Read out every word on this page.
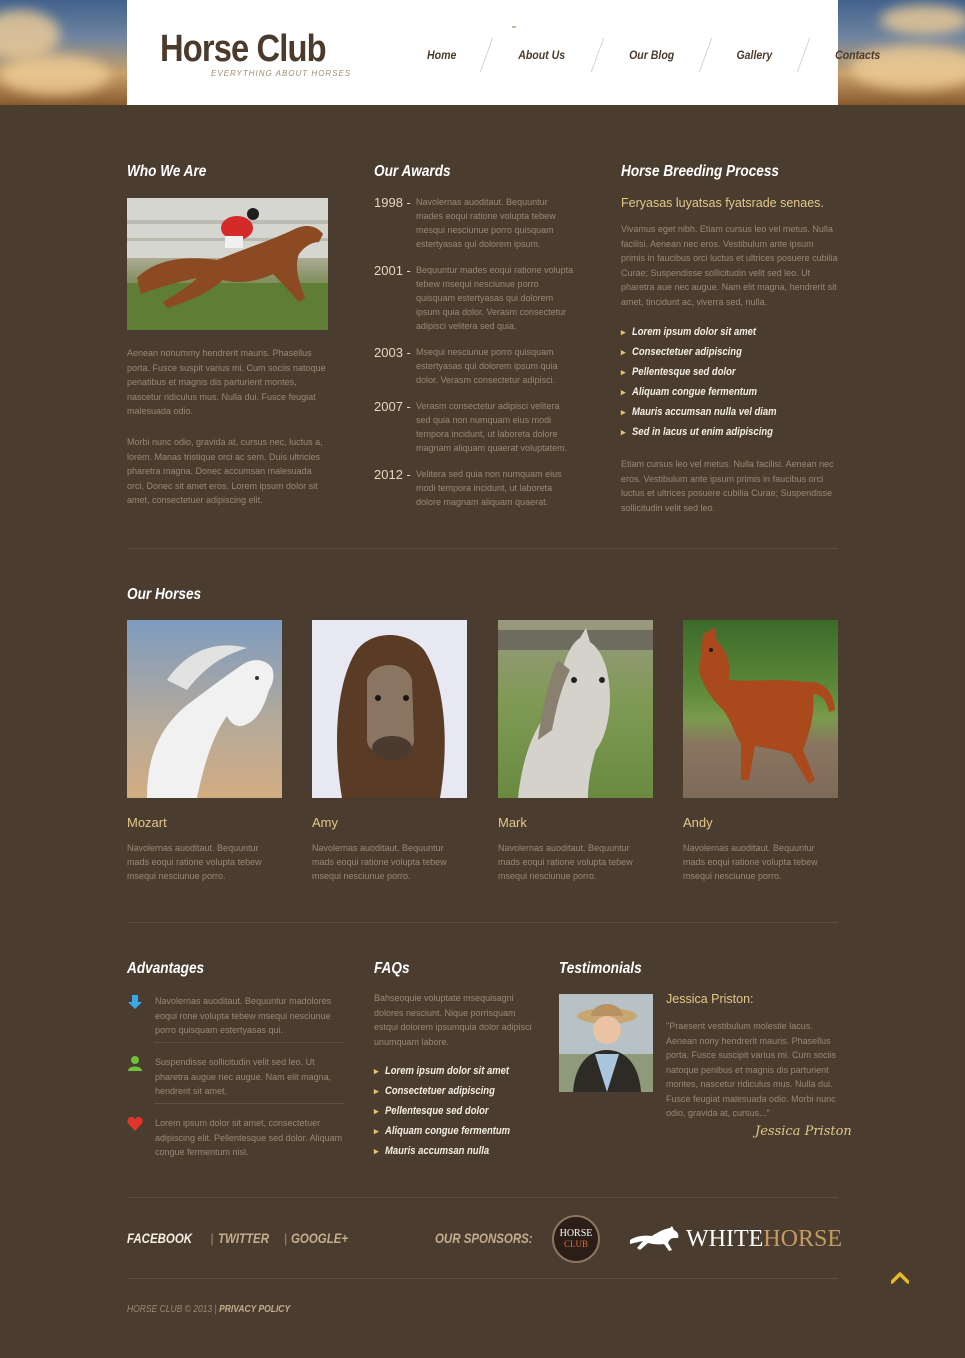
Horse Club
EVERYTHING ABOUT HORSES
Home	About Us	Our Blog	Gallery	Contacts
Who We Are
Aenean nonummy hendrerit mauris. Phasellus porta. Fusce suspit varius mi. Cum sociis natoque penatibus et magnis dis parturient montes, nascetur ridiculus mus. Nulla dui. Fusce feugiat malesuada odio.
Morbi nunc odio, gravida at, cursus nec, luctus a, lorem. Manas tristique orci ac sem. Duis ultricies pharetra magna. Donec accumsan malesuada orci. Donec sit amet eros. Lorem ipsum dolor sit amet, consectetuer adipiscing elit.
Our Awards
1998 - Navolernas auoditaut. Bequuntur mades eoqui ratione volupta tebew mesqui nesciunue porro quisquam estertyasas qui dolorem ipsum.
2001 - Bequuntur mades eoqui ratione volupta tebew msequi nesciunue porro quisquam estertyasas qui dolorem ipsum quia dolor. Verasm consectetur adipisci velitera sed quia.
2003 - Msequi nesciunue porro quisquam estertyasas qui dolorem ipsum quia dolor. Verasm consectetur adipisci.
2007 - Verasm consectetur adipisci velitera sed quia non numquam eius modi tempora incidunt, ut laboreta dolore magnam aliquam quaerat voluptatem.
2012 - Velitera sed quia non numquam eius modi tempora incidunt, ut laboreta dolore magnam aliquam quaerat.
Horse Breeding Process
Feryasas luyatsas fyatsrade senaes.
Vivamus eget nibh. Etiam cursus leo vel metus. Nulla facilisi. Aenean nec eros. Vestibulum ante ipsum primis in faucibus orci luctus et ultrices posuere cubilia Curae; Suspendisse sollicitudin velit sed leo. Ut pharetra aue nec augue. Nam elit magna, hendrerit sit amet, tincidunt ac, viverra sed, nulla.
▸ Lorem ipsum dolor sit amet
▸ Consectetuer adipiscing
▸ Pellentesque sed dolor
▸ Aliquam congue fermentum
▸ Mauris accumsan nulla vel diam
▸ Sed in lacus ut enim adipiscing
Etiam cursus leo vel metus. Nulla facilisi. Aenean nec eros. Vestibulum ante ipsum primis in faucibus orci luctus et ultrices posuere cubilia Curae; Suspendisse sollicitudin velit sed leo.
Our Horses
Mozart
Navolernas auoditaut. Bequuntur mads eoqui ratione volupta tebew msequi nesciunue porro.
Amy
Navolernas auoditaut. Bequuntur mads eoqui ratione volupta tebew msequi nesciunue porro.
Mark
Navolernas auoditaut. Bequuntur mads eoqui ratione volupta tebew msequi nesciunue porro.
Andy
Navolernas auoditaut. Bequuntur mads eoqui ratione volupta tebew msequi nesciunue porro.
Advantages
Navolernas auoditaut. Bequuntur madolores eoqui rone volupta tebew msequi nesciunue porro quisquam estertyasas qui.
Suspendisse sollicitudin velit sed leo. Ut pharetra augue nec augue. Nam elit magna, hendrerit sit amet.
Lorem ipsum dolor sit amet, consectetuer adipiscing elit. Pellentesque sed dolor. Aliquam congue fermentum nisl.
FAQs
Bahseoquie voluptate msequisagni dolores nesciunt. Nique porrisquam estqui dolorem ipsumquia dolor adipisci unumquam labore.
▸ Lorem ipsum dolor sit amet
▸ Consectetuer adipiscing
▸ Pellentesque sed dolor
▸ Aliquam congue fermentum
▸ Mauris accumsan nulla
Testimonials
Jessica Priston:
"Praesent vestibulum molestie lacus. Aenean nony hendrerit mauris. Phasellus porta. Fusce suscipit varius mi. Cum sociis natoque penibus et magnis dis parturient montes, nascetur ridiculus mus. Nulla dui. Fusce feugiat malesuada odio. Morbi nunc odio, gravida at, cursus..."
Jessica Priston
FACEBOOK | TWITTER | GOOGLE+	OUR SPONSORS:	HORSE
CLUB	WHITEHORSE
HORSE CLUB © 2013 | PRIVACY POLICY
